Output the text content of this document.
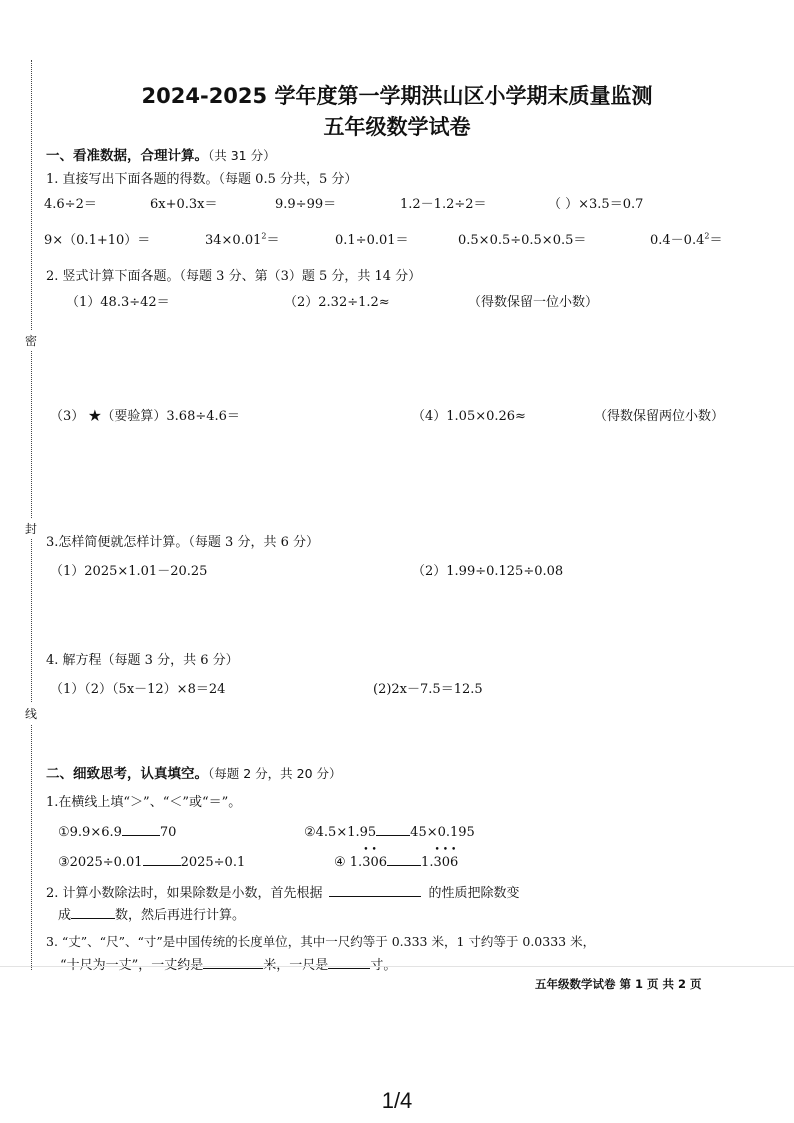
密
封
线
2024-2025 学年度第一学期洪山区小学期末质量监测
五年级数学试卷
一、看准数据，合理计算。（共 31 分）
1. 直接写出下面各题的得数。（每题 0.5 分共，5 分）
4.6÷2＝	6x+0.3x＝	9.9÷99＝	1.2－1.2÷2＝	（ ）×3.5＝0.7
9×（0.1+10）＝	$34\times 0.01^2=$	0.1÷0.01＝	0.5×0.5÷0.5×0.5＝	$0.4-0.4^2=$
2. 竖式计算下面各题。（每题 3 分、第（3）题 5 分，共 14 分）
（1）48.3÷42＝	（2）2.32÷1.2≈	（得数保留一位小数）
（3） ★（要验算）3.68÷4.6＝	（4）1.05×0.26≈	（得数保留两位小数）
3.怎样简便就怎样计算。（每题 3 分，共 6 分）
（1）2025×1.01－20.25	（2）1.99÷0.125÷0.08
4. 解方程（每题 3 分，共 6 分）
（1）（2）（5x－12）×8＝24	(2)2x－7.5＝12.5
二、细致思考，认真填空。（每题 2 分，共 20 分）
1.在横线上填“＞”、“＜”或“＝”。
①9.9×6.9	70	②4.5×1.95	45×0.195
③2025÷0.01	2025÷0.1	④ 1.• 3• 06	1.• 3• 0• 6
2. 计算小数除法时，如果除数是小数，首先根据	的性质把除数变
成	数，然后再进行计算。
3. “丈”、“尺”、“寸”是中国传统的长度单位，其中一尺约等于 0.333 米，1 寸约等于 0.0333 米，
“十尺为一丈”，一丈约是	米，一尺是	寸。
五年级数学试卷 第 1 页 共 2 页
1/4
